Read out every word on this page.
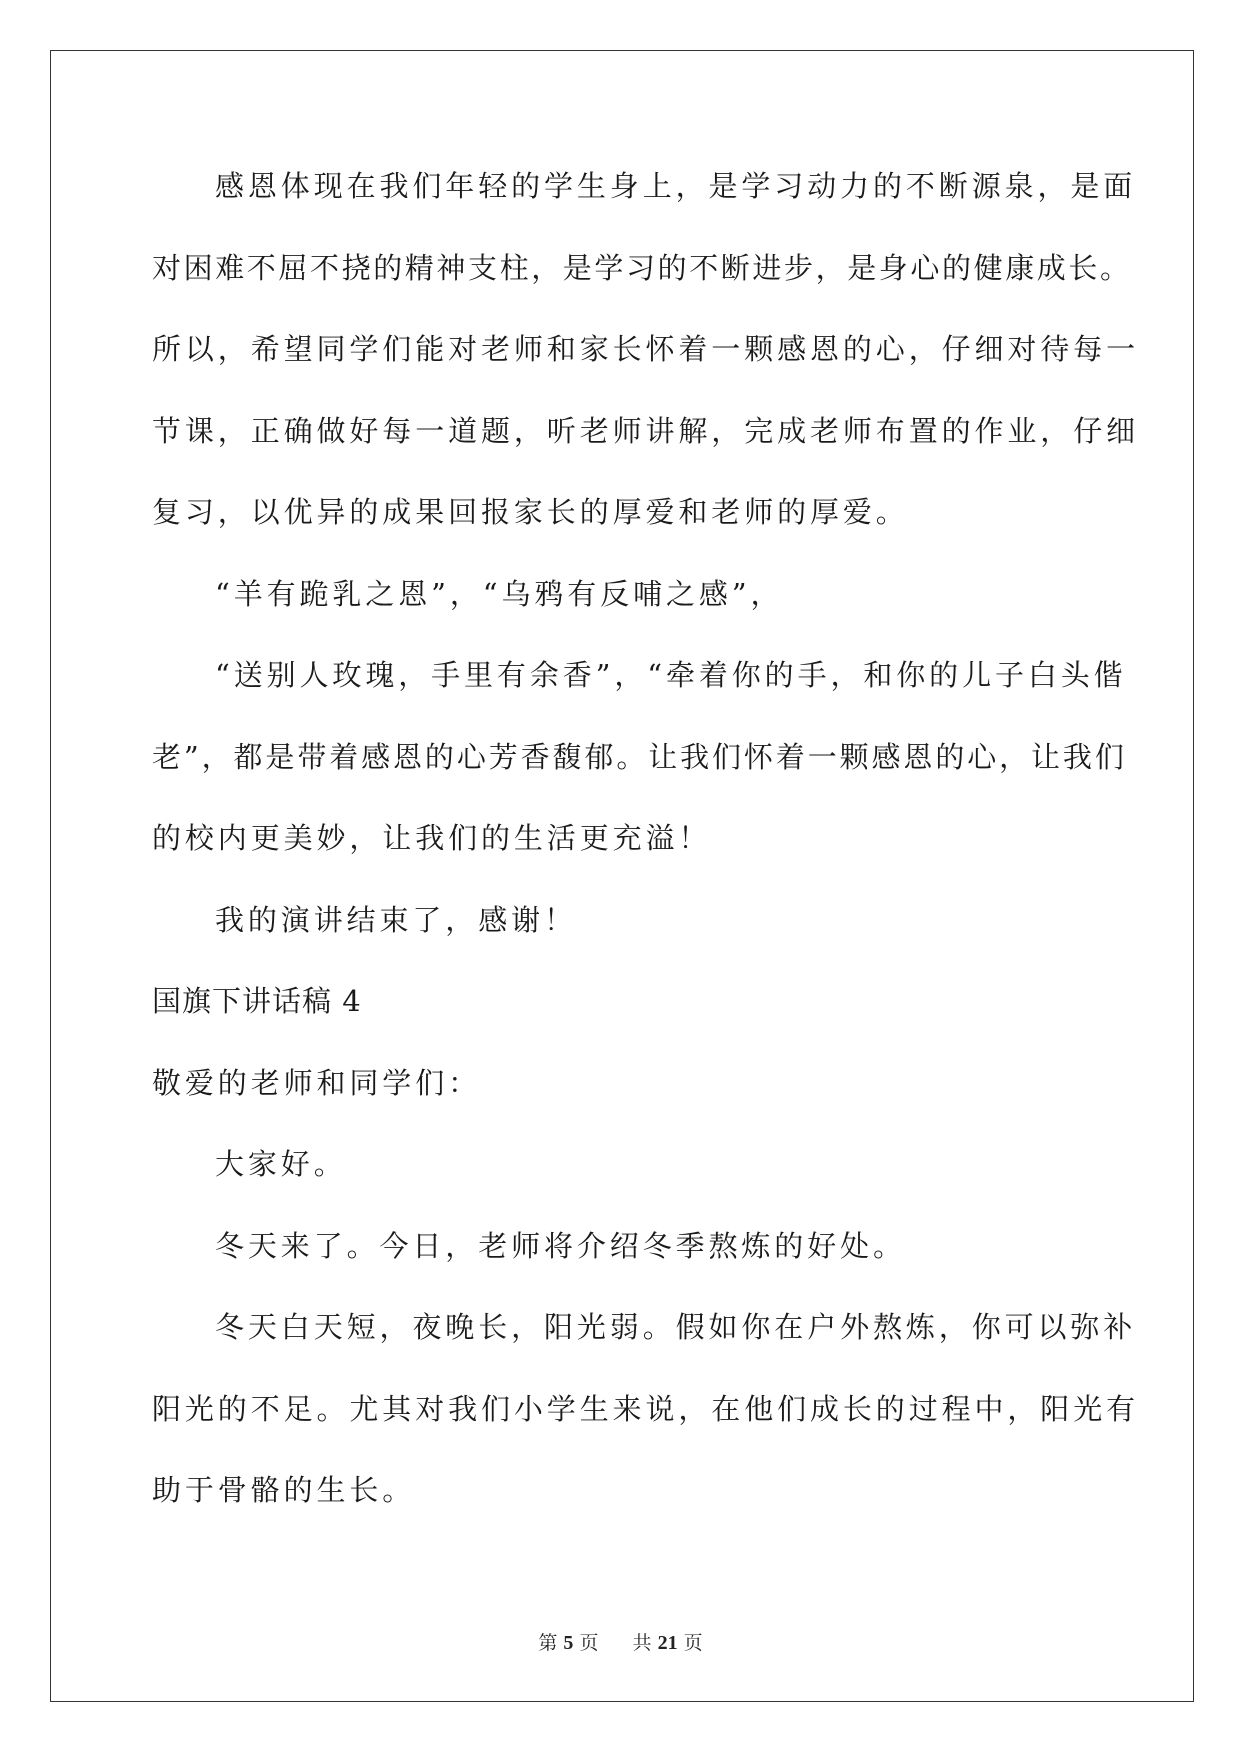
感恩体现在我们年轻的学生身上，是学习动力的不断源泉，是面
对困难不屈不挠的精神支柱，是学习的不断进步，是身心的健康成长。
所以，希望同学们能对老师和家长怀着一颗感恩的心，仔细对待每一
节课，正确做好每一道题，听老师讲解，完成老师布置的作业，仔细
复习，以优异的成果回报家长的厚爱和老师的厚爱。
“羊有跪乳之恩”，“乌鸦有反哺之感”，
“送别人玫瑰，手里有余香”，“牵着你的手，和你的儿子白头偕
老”，都是带着感恩的心芳香馥郁。让我们怀着一颗感恩的心，让我们
的校内更美妙，让我们的生活更充溢！
我的演讲结束了，感谢！
国旗下讲话稿 4
敬爱的老师和同学们：
大家好。
冬天来了。今日，老师将介绍冬季熬炼的好处。
冬天白天短，夜晚长，阳光弱。假如你在户外熬炼，你可以弥补
阳光的不足。尤其对我们小学生来说，在他们成长的过程中，阳光有
助于骨骼的生长。
第 5 页 共 21 页
